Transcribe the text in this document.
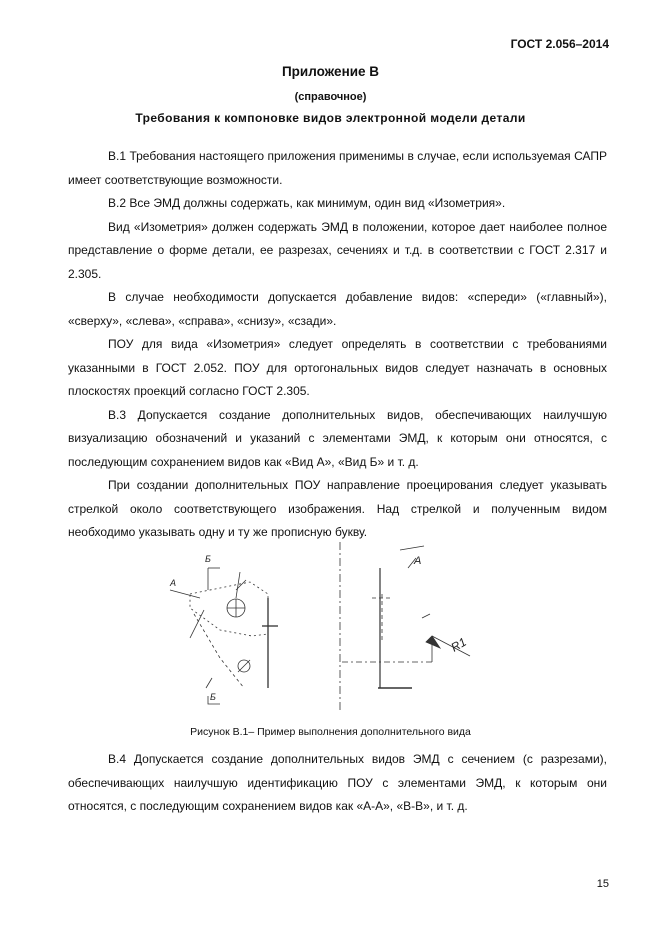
ГОСТ 2.056–2014
Приложение В
(справочное)
Требования к компоновке видов электронной модели детали

В.1 Требования настоящего приложения применимы в случае, если используемая САПР имеет соответствующие возможности.

В.2 Все ЭМД должны содержать, как минимум, один вид «Изометрия».

Вид «Изометрия» должен содержать ЭМД в положении, которое дает наиболее полное представление о форме детали, ее разрезах, сечениях и т.д. в соответствии с ГОСТ 2.317 и 2.305.

В случае необходимости допускается добавление видов: «спереди» («главный»), «сверху», «слева», «справа», «снизу», «сзади».

ПОУ для вида «Изометрия» следует определять в соответствии с требованиями указанными в ГОСТ 2.052. ПОУ для ортогональных видов следует назначать в основных плоскостях проекций согласно ГОСТ 2.305.

В.3 Допускается создание дополнительных видов, обеспечивающих наилучшую визуализацию обозначений и указаний с элементами ЭМД, к которым они относятся, с последующим сохранением видов как «Вид А», «Вид Б» и т. д.

При создании дополнительных ПОУ направление проецирования следует указывать стрелкой около соответствующего изображения. Над стрелкой и полученным видом необходимо указывать одну и ту же прописную букву.

Б
А
Б
А
R1
Рисунок В.1– Пример выполнения дополнительного вида

В.4 Допускается создание дополнительных видов ЭМД с сечением (с разрезами), обеспечивающих наилучшую идентификацию ПОУ с элементами ЭМД, к которым они относятся, с последующим сохранением видов как «А-А», «В-В», и т. д.

15
